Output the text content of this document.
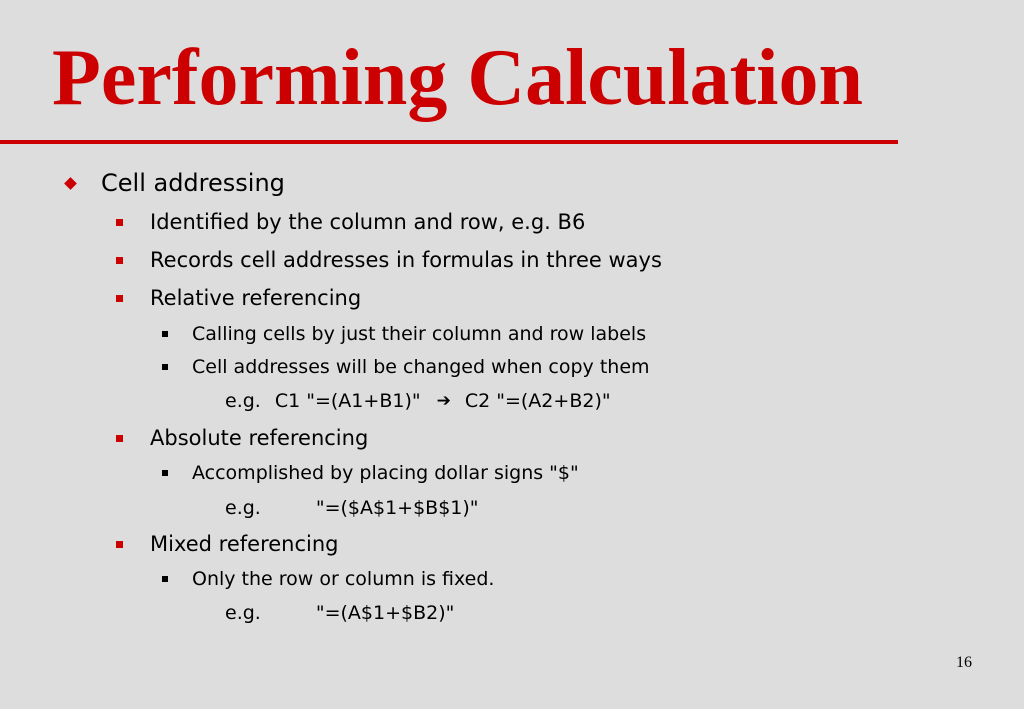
Performing Calculation
Cell addressing
Identified by the column and row, e.g. B6
Records cell addresses in formulas in three ways
Relative referencing
Calling cells by just their column and row labels
Cell addresses will be changed when copy them
e.g. C1 "=(A1+B1)" ➔ C2 "=(A2+B2)"
Absolute referencing
Accomplished by placing dollar signs "$"
e.g.	"=($A$1+$B$1)"
Mixed referencing
Only the row or column is fixed.
e.g.	"=(A$1+$B2)"
16
